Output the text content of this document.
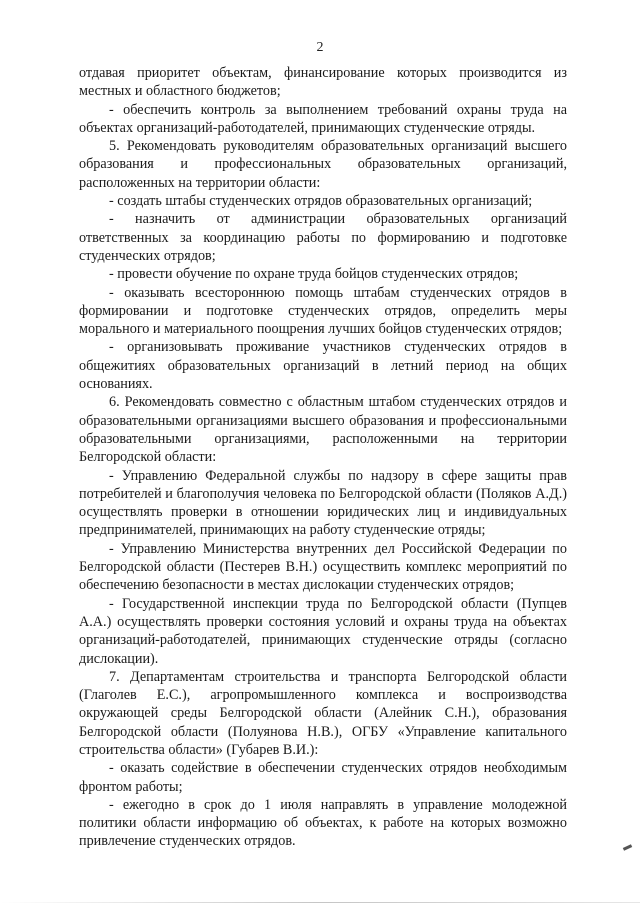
2

отдавая приоритет объектам, финансирование которых производится из местных и областного бюджетов;

- обеспечить контроль за выполнением требований охраны труда на объектах организаций-работодателей, принимающих студенческие отряды.

5. Рекомендовать руководителям образовательных организаций высшего образования и профессиональных образовательных организаций, расположенных на территории области:

- создать штабы студенческих отрядов образовательных организаций;

- назначить от администрации образовательных организаций ответственных за координацию работы по формированию и подготовке студенческих отрядов;

- провести обучение по охране труда бойцов студенческих отрядов;

- оказывать всестороннюю помощь штабам студенческих отрядов в формировании и подготовке студенческих отрядов, определить меры морального и материального поощрения лучших бойцов студенческих отрядов;

- организовывать проживание участников студенческих отрядов в общежитиях образовательных организаций в летний период на общих основаниях.

6. Рекомендовать совместно с областным штабом студенческих отрядов и образовательными организациями высшего образования и профессиональными образовательными организациями, расположенными на территории Белгородской области:

- Управлению Федеральной службы по надзору в сфере защиты прав потребителей и благополучия человека по Белгородской области (Поляков А.Д.) осуществлять проверки в отношении юридических лиц и индивидуальных предпринимателей, принимающих на работу студенческие отряды;

- Управлению Министерства внутренних дел Российской Федерации по Белгородской области (Пестерев В.Н.) осуществить комплекс мероприятий по обеспечению безопасности в местах дислокации студенческих отрядов;

- Государственной инспекции труда по Белгородской области (Пупцев А.А.) осуществлять проверки состояния условий и охраны труда на объектах организаций-работодателей, принимающих студенческие отряды (согласно дислокации).

7. Департаментам строительства и транспорта Белгородской области (Глаголев Е.С.), агропромышленного комплекса и воспроизводства окружающей среды Белгородской области (Алейник С.Н.), образования Белгородской области (Полуянова Н.В.), ОГБУ «Управление капитального строительства области» (Губарев В.И.):

- оказать содействие в обеспечении студенческих отрядов необходимым фронтом работы;

- ежегодно в срок до 1 июля направлять в управление молодежной политики области информацию об объектах, к работе на которых возможно привлечение студенческих отрядов.
